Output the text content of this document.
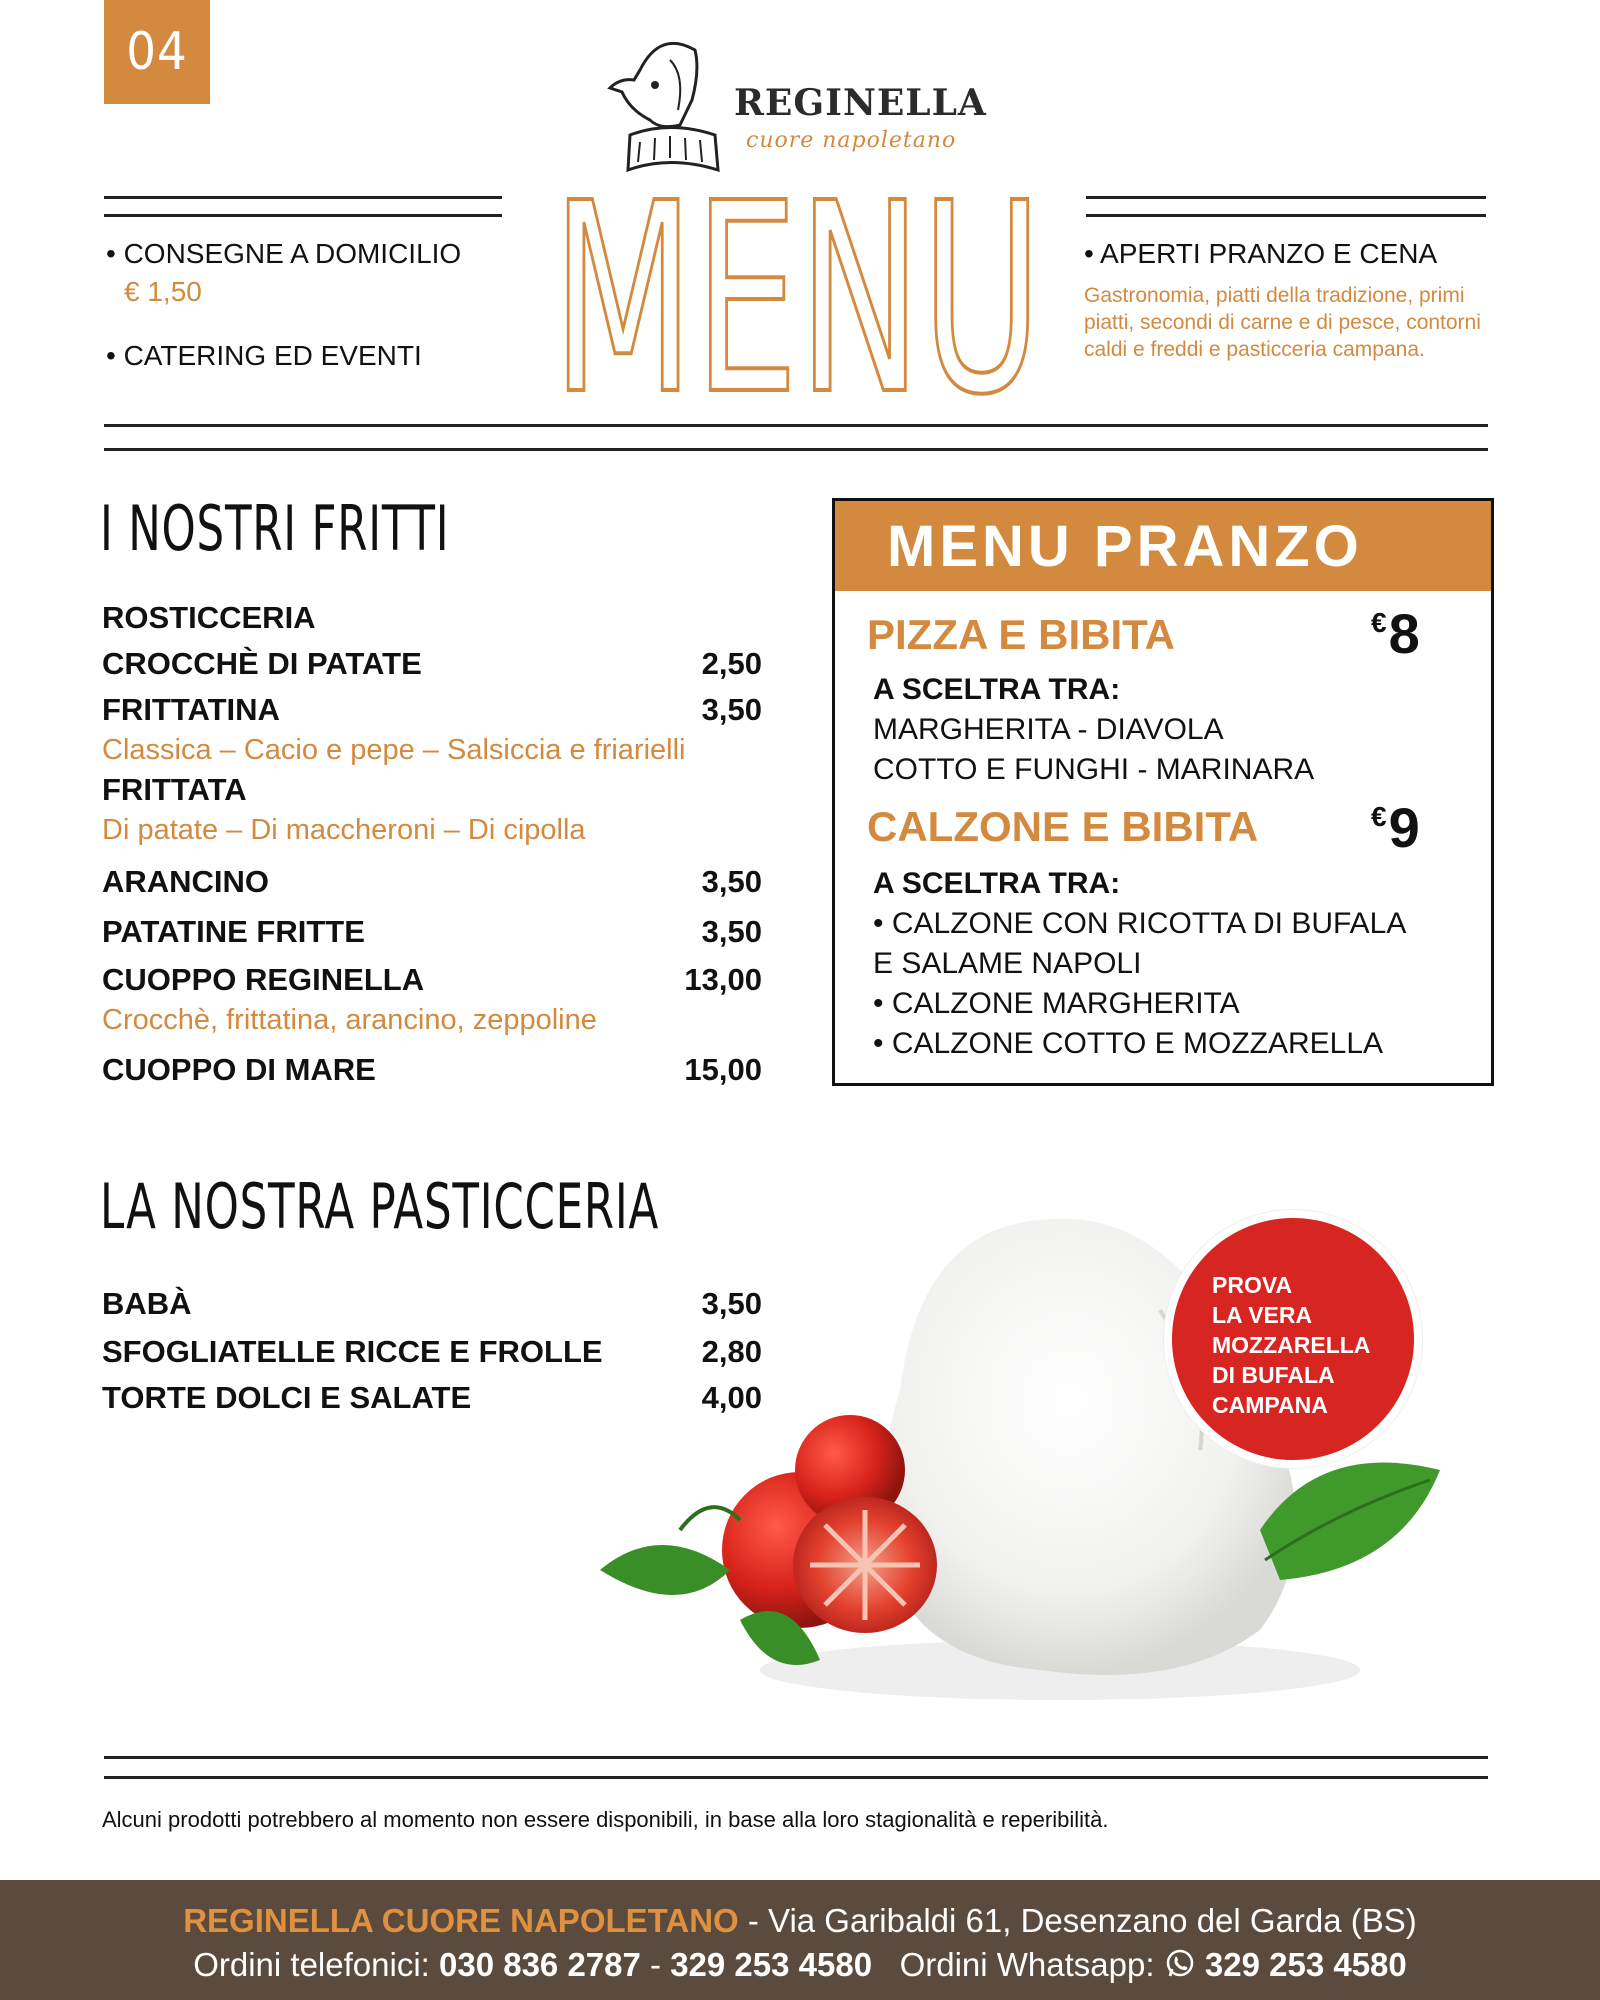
04
REGINELLA
cuore napoletano
• CONSEGNE A DOMICILIO
€ 1,50
• CATERING ED EVENTI MENU • APERTI PRANZO E CENA
Gastronomia, piatti della tradizione, primi piatti, secondi di carne e di pesce, contorni caldi e freddi e pasticceria campana.
I NOSTRI FRITTI
ROSTICCERIA
CROCCHÈ DI PATATE	2,50
FRITTATINA	3,50
Classica – Cacio e pepe – Salsiccia e friarielli
FRITTATA
Di patate – Di maccheroni – Di cipolla
ARANCINO	3,50
PATATINE FRITTE	3,50
CUOPPO REGINELLA	13,00
Crocchè, frittatina, arancino, zeppoline
CUOPPO DI MARE	15,00
LA NOSTRA PASTICCERIA
BABÀ	3,50
SFOGLIATELLE RICCE E FROLLE	2,80
TORTE DOLCI E SALATE	4,00
MENU PRANZO
PIZZA E BIBITA	€8
A SCELTRA TRA:
MARGHERITA - DIAVOLA
COTTO E FUNGHI - MARINARA
CALZONE E BIBITA	€9
A SCELTRA TRA:
• CALZONE CON RICOTTA DI BUFALA
E SALAME NAPOLI
• CALZONE MARGHERITA
• CALZONE COTTO E MOZZARELLA
PROVA
LA VERA
MOZZARELLA
DI BUFALA
CAMPANA
Alcuni prodotti potrebbero al momento non essere disponibili, in base alla loro stagionalità e reperibilità.
REGINELLA CUORE NAPOLETANO - Via Garibaldi 61, Desenzano del Garda (BS)
Ordini telefonici: 030 836 2787 - 329 253 4580 Ordini Whatsapp:  329 253 4580
